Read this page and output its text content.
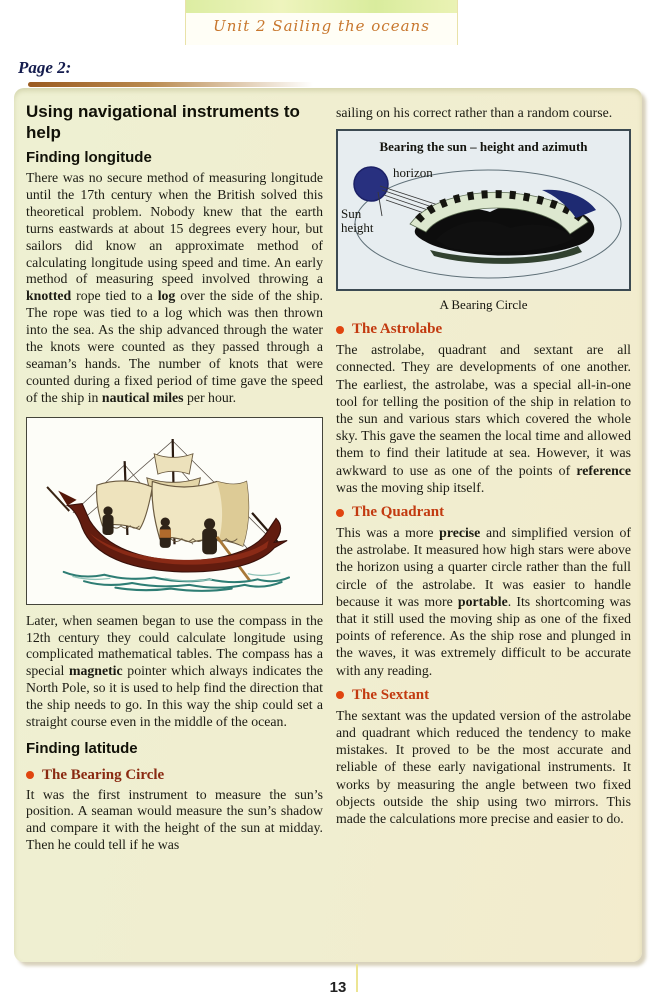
Unit 2 Sailing the oceans
Page 2:
Using navigational instruments to help
Finding longitude

There was no secure method of measuring longitude until the 17th century when the British solved this theoretical problem. Nobody knew that the earth turns eastwards at about 15 degrees every hour, but sailors did know an approximate method of calculating longitude using speed and time. An early method of measuring speed involved throwing a knotted rope tied to a log over the side of the ship. The rope was tied to a log which was then thrown into the sea. As the ship advanced through the water the knots were counted as they passed through a seaman’s hands. The number of knots that were counted during a fixed period of time gave the speed of the ship in nautical miles per hour.

Later, when seamen began to use the compass in the 12th century they could calculate longitude using complicated mathematical tables. The compass has a special magnetic pointer which always indicates the North Pole, so it is used to help find the direction that the ship needs to go. In this way the ship could set a straight course even in the middle of the ocean.

Finding latitude
The Bearing Circle

It was the first instrument to measure the sun’s position. A seaman would measure the sun’s shadow and compare it with the height of the sun at midday. Then he could tell if he was

sailing on his correct rather than a random course.

Bearing the sun – height and azimuth
horizon
Sun height
A Bearing Circle
The Astrolabe

The astrolabe, quadrant and sextant are all connected. They are developments of one another. The earliest, the astrolabe, was a special all-in-one tool for telling the position of the ship in relation to the sun and various stars which covered the whole sky. This gave the seamen the local time and allowed them to find their latitude at sea. However, it was awkward to use as one of the points of reference was the moving ship itself.

The Quadrant

This was a more precise and simplified version of the astrolabe. It measured how high stars were above the horizon using a quarter circle rather than the full circle of the astrolabe. It was easier to handle because it was more portable. Its shortcoming was that it still used the moving ship as one of the fixed points of reference. As the ship rose and plunged in the waves, it was extremely difficult to be accurate with any reading.

The Sextant

The sextant was the updated version of the astrolabe and quadrant which reduced the tendency to make mistakes. It proved to be the most accurate and reliable of these early navigational instruments. It works by measuring the angle between two fixed objects outside the ship using two mirrors. This made the calculations more precise and easier to do.

13
